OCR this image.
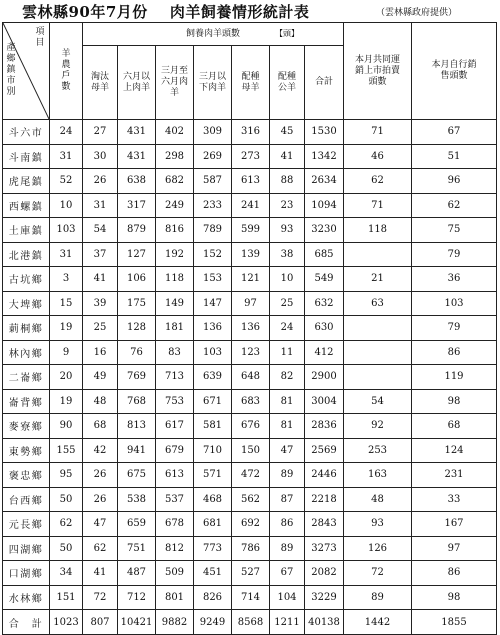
雲林縣90年7月份 肉羊飼養情形統計表	（雲林縣政府提供）
項目
產鄉鎮市別	羊農戶數	飼養肉羊頭數 【頭】							本月共同運銷上市拍賣頭數	本月自行銷售頭數
		淘汰母羊	六月以上肉羊	三月至六月肉羊	三月以下肉羊	配種母羊	配種公羊	合計		
斗六市	24	27	431	402	309	316	45	1530	71	67
斗南鎮	31	30	431	298	269	273	41	1342	46	51
虎尾鎮	52	26	638	682	587	613	88	2634	62	96
西螺鎮	10	31	317	249	233	241	23	1094	71	62
土庫鎮	103	54	879	816	789	599	93	3230	118	75
北港鎮	31	37	127	192	152	139	38	685		79
古坑鄉	3	41	106	118	153	121	10	549	21	36
大埤鄉	15	39	175	149	147	97	25	632	63	103
莿桐鄉	19	25	128	181	136	136	24	630		79
林內鄉	9	16	76	83	103	123	11	412		86
二崙鄉	20	49	769	713	639	648	82	2900		119
崙背鄉	19	48	768	753	671	683	81	3004	54	98
麥寮鄉	90	68	813	617	581	676	81	2836	92	68
東勢鄉	155	42	941	679	710	150	47	2569	253	124
褒忠鄉	95	26	675	613	571	472	89	2446	163	231
台西鄉	50	26	538	537	468	562	87	2218	48	33
元長鄉	62	47	659	678	681	692	86	2843	93	167
四湖鄉	50	62	751	812	773	786	89	3273	126	97
口湖鄉	34	41	487	509	451	527	67	2082	72	86
水林鄉	151	72	712	801	826	714	104	3229	89	98
合　計	1023	807	10421	9882	9249	8568	1211	40138	1442	1855
